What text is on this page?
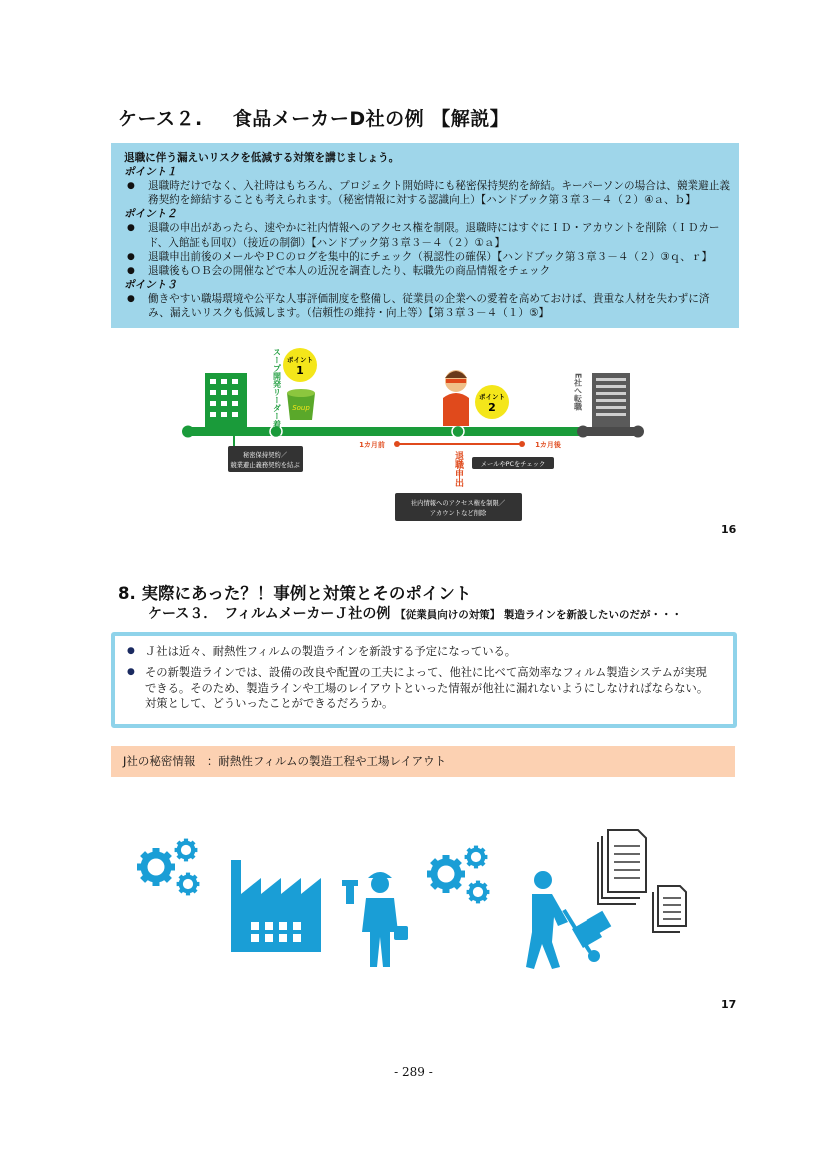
ケース２. 食品メーカーD社の例 【解説】
退職に伴う漏えいリスクを低減する対策を講じましょう。
ポイント１
● 退職時だけでなく、入社時はもちろん、プロジェクト開始時にも秘密保持契約を締結。キーパーソンの場合は、競業避止義務契約を締結することも考えられます。（秘密情報に対する認識向上）【ハンドブック第３章３－４（２）④ａ、ｂ】
ポイント２
● 退職の申出があったら、速やかに社内情報へのアクセス権を制限。退職時にはすぐにＩＤ・アカウントを削除（ＩＤカード、入館証も回収）（接近の制御）【ハンドブック第３章３－４（２）①ａ】
● 退職申出前後のメールやＰＣのログを集中的にチェック（視認性の確保）【ハンドブック第３章３－４（２）③ｑ、ｒ】
● 退職後もＯＢ会の開催などで本人の近況を調査したり、転職先の商品情報をチェック
ポイント３
● 働きやすい職場環境や公平な人事評価制度を整備し、従業員の企業への愛着を高めておけば、貴重な人材を失わずに済み、漏えいリスクも低減します。（信頼性の維持・向上等）【第３章３－４（１）⑤】
スープ開発リーダー着任 ポイント
1
Soup
ポイント
2
秘密保持契約／
競業避止義務契約を結ぶ
1カ月前	1カ月後
退職申出	メールやPCをチェック
社内情報へのアクセス権を制限／
アカウントなど削除
E社へ転職
16
8. 実際にあった？！事例と対策とそのポイント
ケース３．　フィルムメーカーＪ社の例 【従業員向けの対策】 製造ラインを新設したいのだが・・・
● Ｊ社は近々、耐熱性フィルムの製造ラインを新設する予定になっている。
● その新製造ラインでは、設備の改良や配置の工夫によって、他社に比べて高効率なフィルム製造システムが実現
できる。そのため、製造ラインや工場のレイアウトといった情報が他社に漏れないようにしなければならない。
対策として、どういったことができるだろうか。
J社の秘密情報　：耐熱性フィルムの製造工程や工場レイアウト
17
- 289 -
